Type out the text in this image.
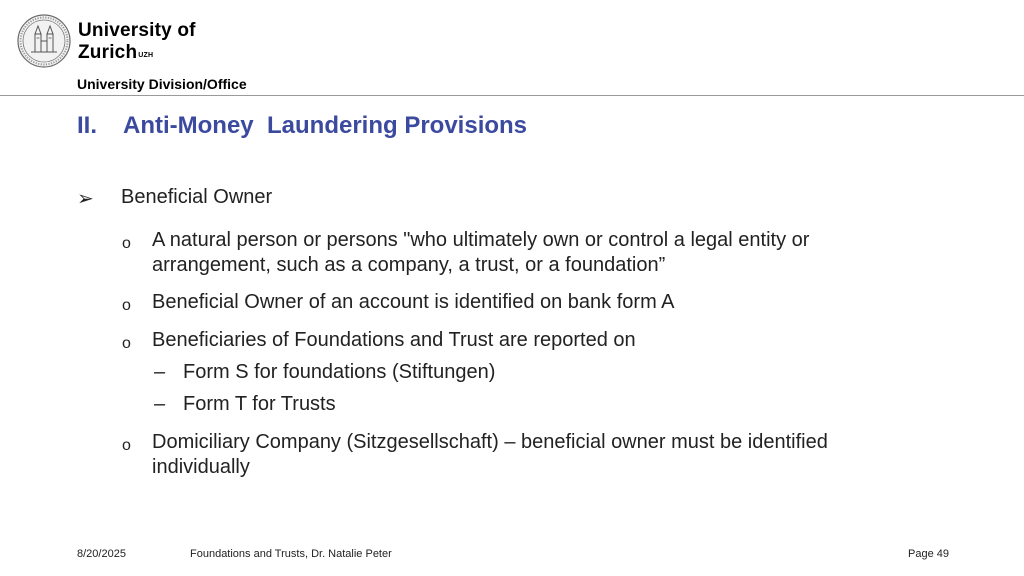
University of
Zurich$^{UZH}$
University Division/Office
II. Anti-Money  Laundering Provisions
➢ Beneficial Owner
o A natural person or persons "who ultimately own or control a legal entity or arrangement, such as a company, a trust, or a foundation”
o Beneficial Owner of an account is identified on bank form A
o Beneficiaries of Foundations and Trust are reported on
– Form S for foundations (Stiftungen)
– Form T for Trusts
o Domiciliary Company (Sitzgesellschaft) – beneficial owner must be identified individually
8/20/2025	Foundations and Trusts, Dr. Natalie Peter	Page 49
